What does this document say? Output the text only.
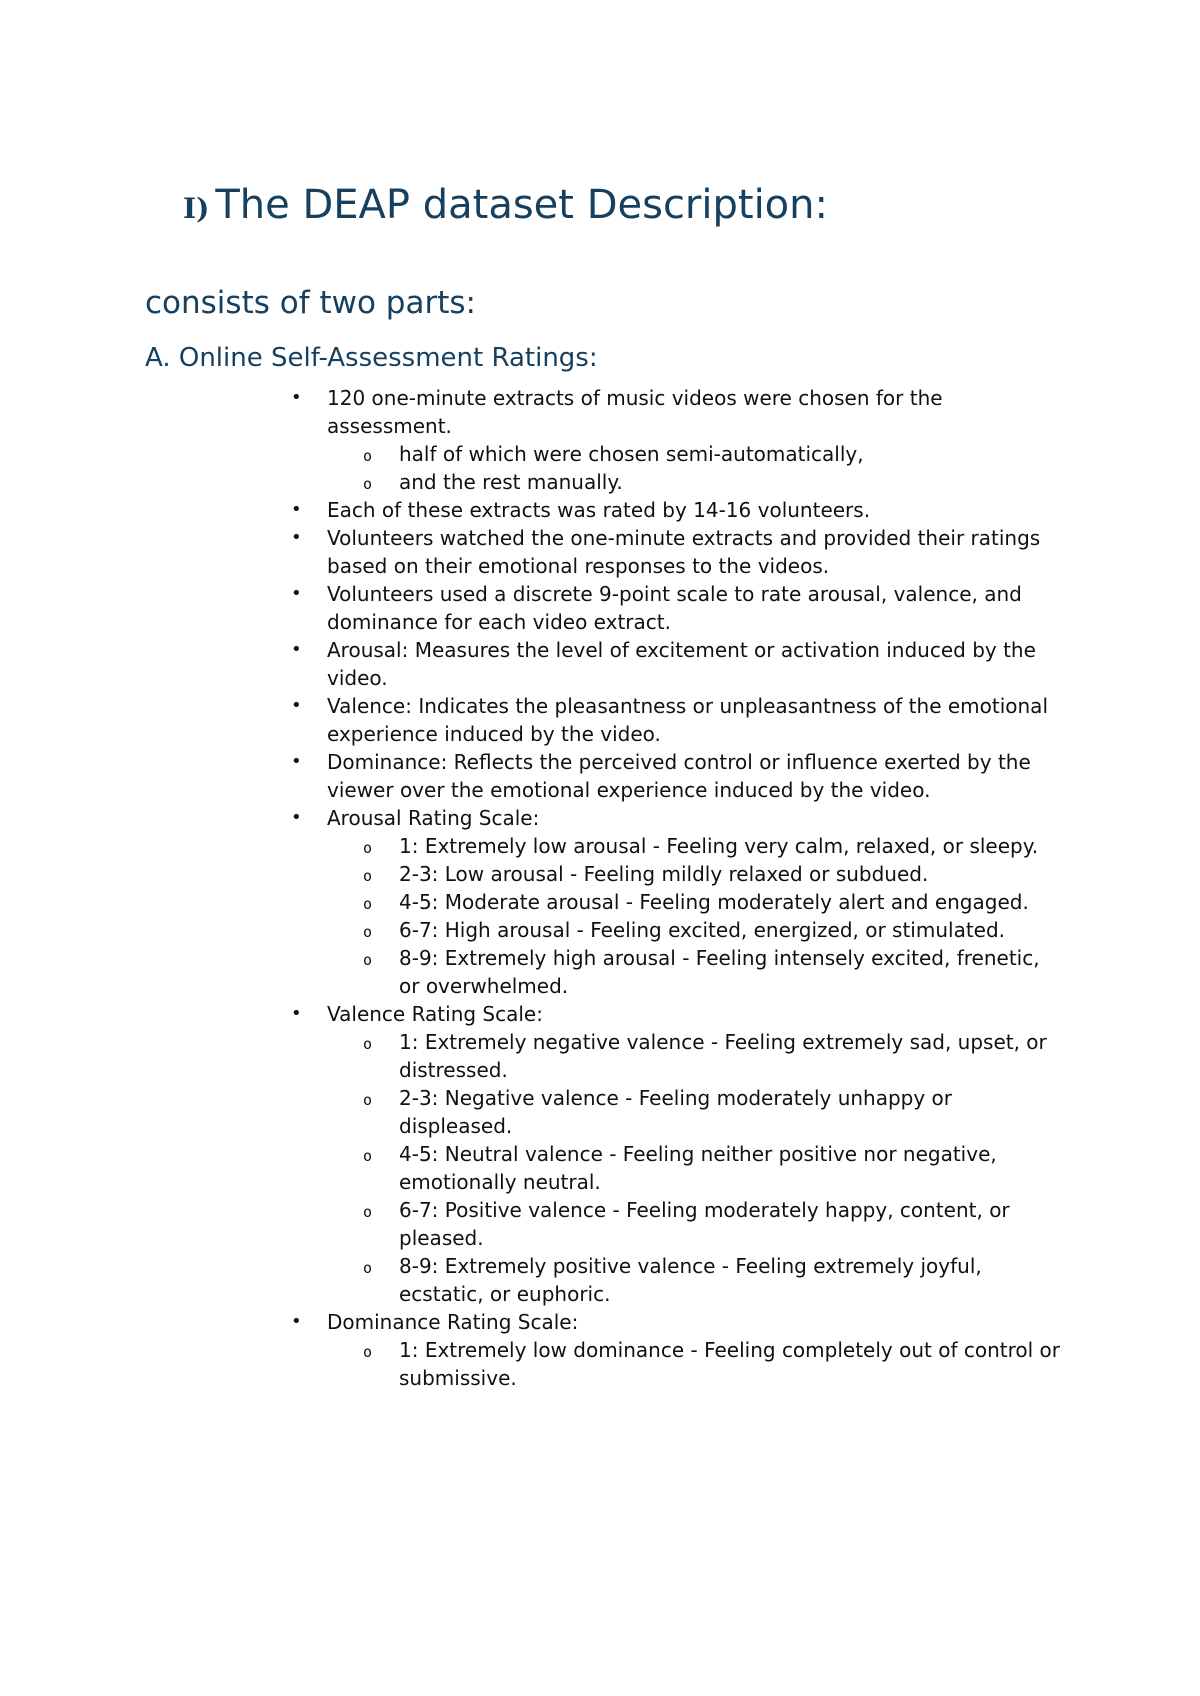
I) The DEAP dataset Description:
consists of two parts:
A. Online Self-Assessment Ratings:
• 120 one-minute extracts of music videos were chosen for the assessment.
o half of which were chosen semi-automatically,
o and the rest manually.
• Each of these extracts was rated by 14-16 volunteers.
• Volunteers watched the one-minute extracts and provided their ratings based on their emotional responses to the videos.
• Volunteers used a discrete 9-point scale to rate arousal, valence, and dominance for each video extract.
• Arousal: Measures the level of excitement or activation induced by the video.
• Valence: Indicates the pleasantness or unpleasantness of the emotional experience induced by the video.
• Dominance: Reflects the perceived control or influence exerted by the viewer over the emotional experience induced by the video.
• Arousal Rating Scale:
o 1: Extremely low arousal - Feeling very calm, relaxed, or sleepy.
o 2-3: Low arousal - Feeling mildly relaxed or subdued.
o 4-5: Moderate arousal - Feeling moderately alert and engaged.
o 6-7: High arousal - Feeling excited, energized, or stimulated.
o 8-9: Extremely high arousal - Feeling intensely excited, frenetic, or overwhelmed.
• Valence Rating Scale:
o 1: Extremely negative valence - Feeling extremely sad, upset, or distressed.
o 2-3: Negative valence - Feeling moderately unhappy or displeased.
o 4-5: Neutral valence - Feeling neither positive nor negative, emotionally neutral.
o 6-7: Positive valence - Feeling moderately happy, content, or pleased.
o 8-9: Extremely positive valence - Feeling extremely joyful, ecstatic, or euphoric.
• Dominance Rating Scale:
o 1: Extremely low dominance - Feeling completely out of control or submissive.
